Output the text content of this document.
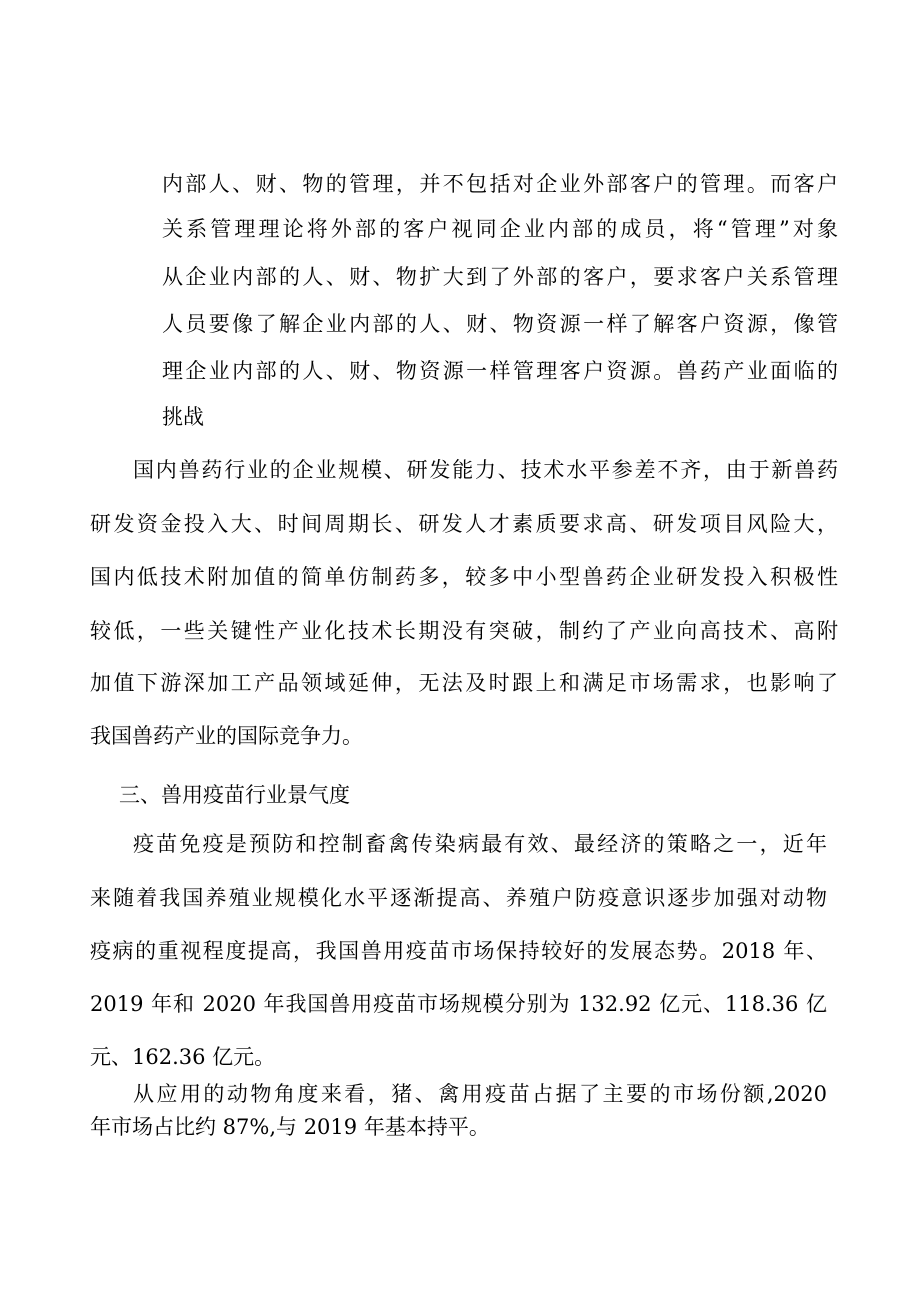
内部人、财、物的管理，并不包括对企业外部客户的管理。而客户

关系管理理论将外部的客户视同企业内部的成员，将“管理”对象

从企业内部的人、财、物扩大到了外部的客户，要求客户关系管理

人员要像了解企业内部的人、财、物资源一样了解客户资源，像管

理企业内部的人、财、物资源一样管理客户资源。兽药产业面临的

挑战

国内兽药行业的企业规模、研发能力、技术水平参差不齐，由于新兽药

研发资金投入大、时间周期长、研发人才素质要求高、研发项目风险大，

国内低技术附加值的简单仿制药多，较多中小型兽药企业研发投入积极性

较低，一些关键性产业化技术长期没有突破，制约了产业向高技术、高附

加值下游深加工产品领域延伸，无法及时跟上和满足市场需求，也影响了

我国兽药产业的国际竞争力。

三、兽用疫苗行业景气度

疫苗免疫是预防和控制畜禽传染病最有效、最经济的策略之一，近年

来随着我国养殖业规模化水平逐渐提高、养殖户防疫意识逐步加强对动物

疫病的重视程度提高，我国兽用疫苗市场保持较好的发展态势。2018 年、

2019 年和 2020 年我国兽用疫苗市场规模分别为 132.92 亿元、118.36 亿

元、162.36 亿元。

从应用的动物角度来看，猪、禽用疫苗占据了主要的市场份额,2020

年市场占比约 87%,与 2019 年基本持平。
